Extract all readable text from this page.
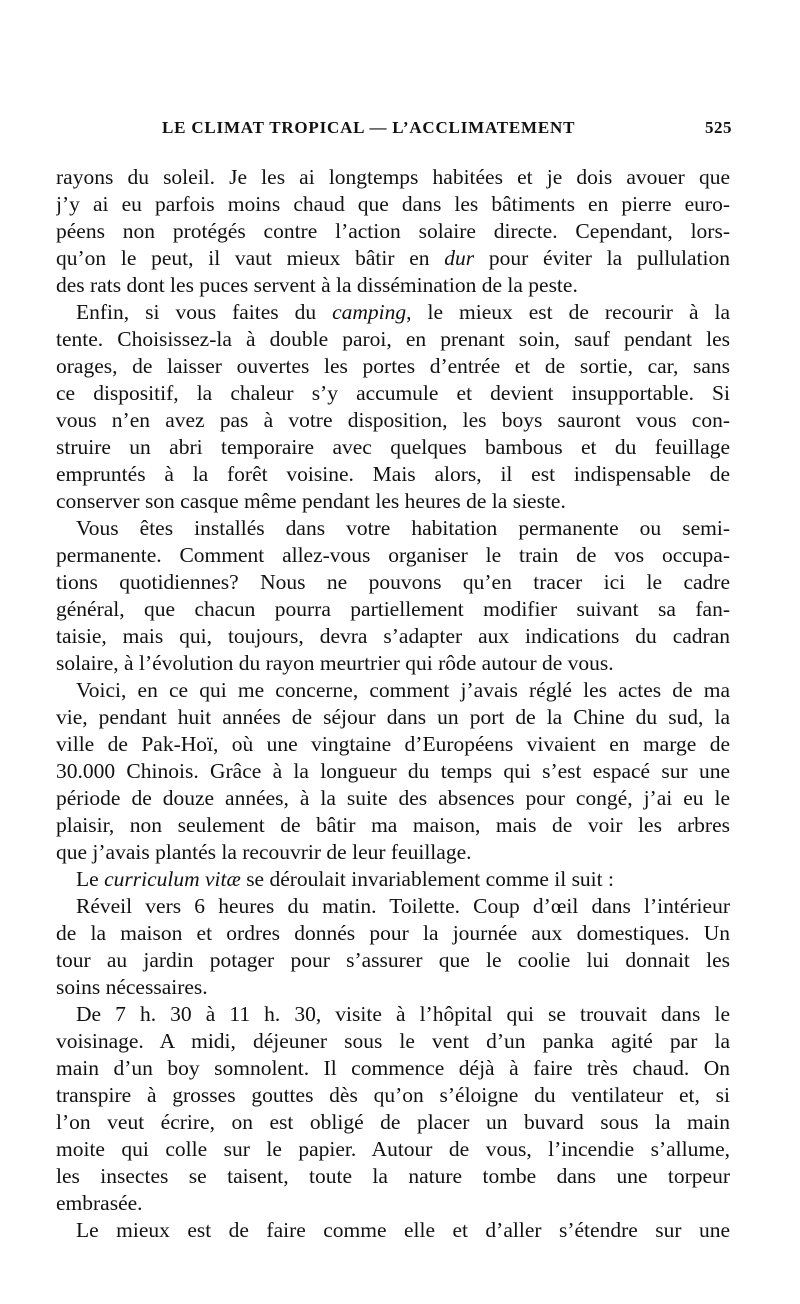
LE CLIMAT TROPICAL — L’ACCLIMATEMENT	525
rayons du soleil. Je les ai longtemps habitées et je dois avouer que
j’y ai eu parfois moins chaud que dans les bâtiments en pierre euro-
péens non protégés contre l’action solaire directe. Cependant, lors-
qu’on le peut, il vaut mieux bâtir en dur pour éviter la pullulation
des rats dont les puces servent à la dissémination de la peste.
Enfin, si vous faites du camping, le mieux est de recourir à la
tente. Choisissez-la à double paroi, en prenant soin, sauf pendant les
orages, de laisser ouvertes les portes d’entrée et de sortie, car, sans
ce dispositif, la chaleur s’y accumule et devient insupportable. Si
vous n’en avez pas à votre disposition, les boys sauront vous con-
struire un abri temporaire avec quelques bambous et du feuillage
empruntés à la forêt voisine. Mais alors, il est indispensable de
conserver son casque même pendant les heures de la sieste.
Vous êtes installés dans votre habitation permanente ou semi-
permanente. Comment allez-vous organiser le train de vos occupa-
tions quotidiennes? Nous ne pouvons qu’en tracer ici le cadre
général, que chacun pourra partiellement modifier suivant sa fan-
taisie, mais qui, toujours, devra s’adapter aux indications du cadran
solaire, à l’évolution du rayon meurtrier qui rôde autour de vous.
Voici, en ce qui me concerne, comment j’avais réglé les actes de ma
vie, pendant huit années de séjour dans un port de la Chine du sud, la
ville de Pak-Hoï, où une vingtaine d’Européens vivaient en marge de
30.000 Chinois. Grâce à la longueur du temps qui s’est espacé sur une
période de douze années, à la suite des absences pour congé, j’ai eu le
plaisir, non seulement de bâtir ma maison, mais de voir les arbres
que j’avais plantés la recouvrir de leur feuillage.
Le curriculum vitæ se déroulait invariablement comme il suit :
Réveil vers 6 heures du matin. Toilette. Coup d’œil dans l’intérieur
de la maison et ordres donnés pour la journée aux domestiques. Un
tour au jardin potager pour s’assurer que le coolie lui donnait les
soins nécessaires.
De 7 h. 30 à 11 h. 30, visite à l’hôpital qui se trouvait dans le
voisinage. A midi, déjeuner sous le vent d’un panka agité par la
main d’un boy somnolent. Il commence déjà à faire très chaud. On
transpire à grosses gouttes dès qu’on s’éloigne du ventilateur et, si
l’on veut écrire, on est obligé de placer un buvard sous la main
moite qui colle sur le papier. Autour de vous, l’incendie s’allume,
les insectes se taisent, toute la nature tombe dans une torpeur
embrasée.
Le mieux est de faire comme elle et d’aller s’étendre sur une
